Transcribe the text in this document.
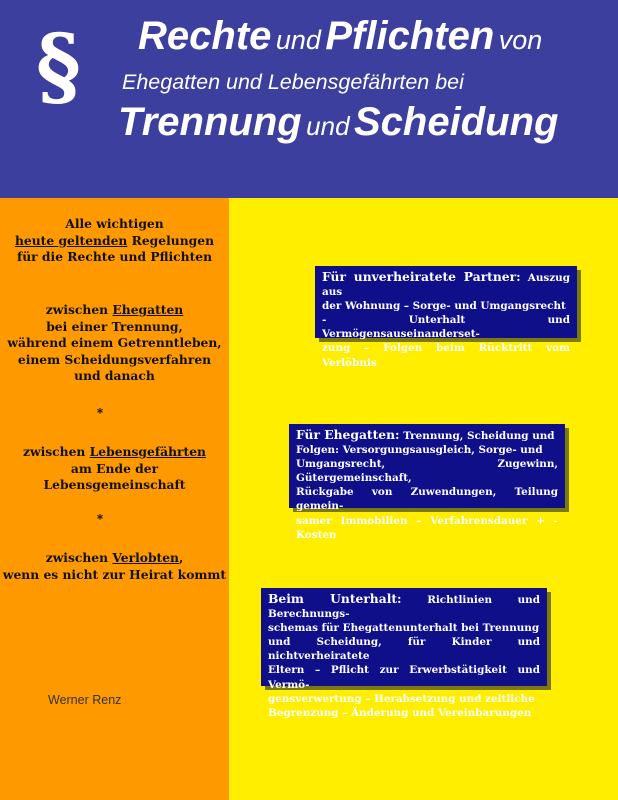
§ Rechte und Pflichten von
Ehegatten und Lebensgefährten bei
Trennung und Scheidung
Alle wichtigen
heute geltenden Regelungen
für die Rechte und Pflichten
zwischen Ehegatten
bei einer Trennung,
während einem Getrenntleben,
einem Scheidungsverfahren
und danach
*
zwischen Lebensgefährten
am Ende der
Lebensgemeinschaft
*
zwischen Verlobten,
wenn es nicht zur Heirat kommt
Werner Renz
Für unverheiratete Partner: Auszug aus
der Wohnung – Sorge- und Umgangsrecht
- Unterhalt und Vermögensauseinanderset-
zung – Folgen beim Rücktritt vom Verlöbnis
Für Ehegatten: Trennung, Scheidung und
Folgen: Versorgungsausgleich, Sorge- und
Umgangsrecht, Zugewinn, Gütergemeinschaft,
Rückgabe von Zuwendungen, Teilung gemein-
samer Immobilien – Verfahrensdauer + -Kosten
Beim Unterhalt: Richtlinien und Berechnungs-
schemas für Ehegattenunterhalt bei Trennung
und Scheidung, für Kinder und nichtverheiratete
Eltern – Pflicht zur Erwerbstätigkeit und Vermö-
gensverwertung – Herabsetzung und zeitliche
Begrenzung – Änderung und Vereinbarungen
